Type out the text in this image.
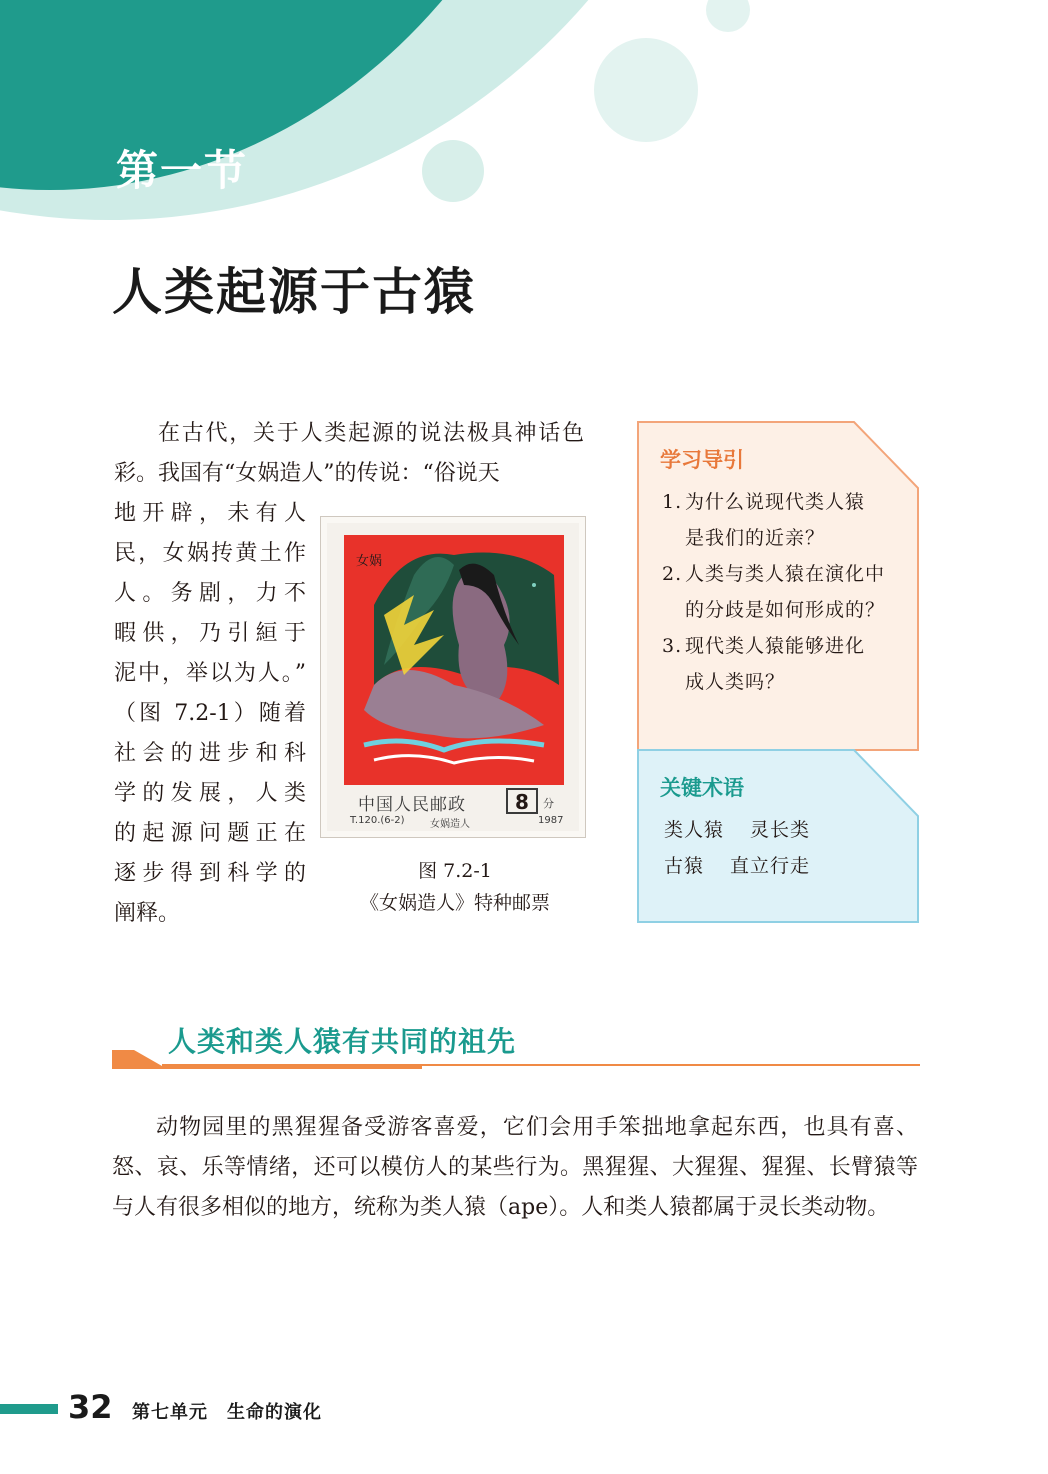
第一节
人类起源于古猿

在古代，关于人类起源的说法极具神话色彩。我国有“女娲造人”的传说：“俗说天

地开辟，未有人
民，女娲抟黄土作
人。务剧，力不
暇供，乃引絙于
泥中，举以为人。”
（图 7.2-1）随着
社会的进步和科
学的发展，人类
的起源问题正在
逐步得到科学的
阐释。
女娲
中国人民邮政	8	分
T.120.(6-2)	女娲造人	1987
图 7.2-1
《女娲造人》特种邮票
学习导引
1. 为什么说现代类人猿
是我们的近亲？
2. 人类与类人猿在演化中
的分歧是如何形成的？
3. 现代类人猿能够进化
成人类吗？
关键术语
类人猿 灵长类
古猿 直立行走
人类和类人猿有共同的祖先

动物园里的黑猩猩备受游客喜爱，它们会用手笨拙地拿起东西，也具有喜、怒、哀、乐等情绪，还可以模仿人的某些行为。黑猩猩、大猩猩、猩猩、长臂猿等与人有很多相似的地方，统称为类人猿（ape）。人和类人猿都属于灵长类动物。

32 第七单元　生命的演化
